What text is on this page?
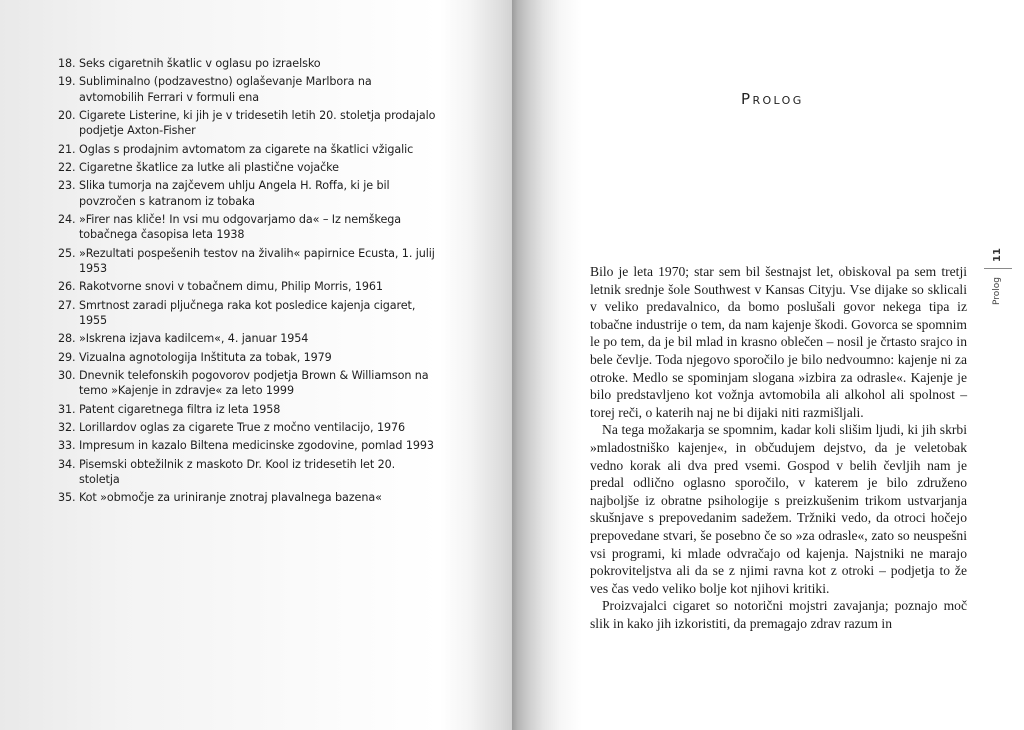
18. Seks cigaretnih škatlic v oglasu po izraelsko
19. Subliminalno (podzavestno) oglaševanje Marlbora na avtomobilih Ferrari v formuli ena
20. Cigarete Listerine, ki jih je v tridesetih letih 20. stoletja prodajalo podjetje Axton-Fisher
21. Oglas s prodajnim avtomatom za cigarete na škatlici vžigalic
22. Cigaretne škatlice za lutke ali plastične vojačke
23. Slika tumorja na zajčevem uhlju Angela H. Roffa, ki je bil povzročen s katranom iz tobaka
24. »Firer nas kliče! In vsi mu odgovarjamo da« – Iz nemškega tobačnega časopisa leta 1938
25. »Rezultati pospešenih testov na živalih« papirnice Ecusta, 1. julij 1953
26. Rakotvorne snovi v tobačnem dimu, Philip Morris, 1961
27. Smrtnost zaradi pljučnega raka kot posledice kajenja cigaret, 1955
28. »Iskrena izjava kadilcem«, 4. januar 1954
29. Vizualna agnotologija Inštituta za tobak, 1979
30. Dnevnik telefonskih pogovorov podjetja Brown & Williamson na temo »Kajenje in zdravje« za leto 1999
31. Patent cigaretnega filtra iz leta 1958
32. Lorillardov oglas za cigarete True z močno ventilacijo, 1976
33. Impresum in kazalo Biltena medicinske zgodovine, pomlad 1993
34. Pisemski obtežilnik z maskoto Dr. Kool iz tridesetih let 20. stoletja
35. Kot »območje za uriniranje znotraj plavalnega bazena«
Prolog

Bilo je leta 1970; star sem bil šestnajst let, obiskoval pa sem tretji letnik srednje šole Southwest v Kansas Cityju. Vse dijake so sklicali v veliko predavalnico, da bomo poslušali govor nekega tipa iz tobačne industrije o tem, da nam kajenje škodi. Govorca se spomnim le po tem, da je bil mlad in krasno oblečen – nosil je črtasto srajco in bele čevlje. Toda njegovo sporočilo je bilo nedvoumno: kajenje ni za otroke. Medlo se spominjam slogana »izbira za odrasle«. Kajenje je bilo predstavljeno kot vožnja avtomobila ali alkohol ali spolnost – torej reči, o katerih naj ne bi dijaki niti razmišljali.

Na tega možakarja se spomnim, kadar koli slišim ljudi, ki jih skrbi »mladostniško kajenje«, in občudujem dejstvo, da je veletobak vedno korak ali dva pred vsemi. Gospod v belih čevljih nam je predal odlično oglasno sporočilo, v katerem je bilo združeno najboljše iz obratne psihologije s preizkušenim trikom ustvarjanja skušnjave s prepovedanim sadežem. Tržniki vedo, da otroci hočejo prepovedane stvari, še posebno če so »za odrasle«, zato so neuspešni vsi programi, ki mlade odvračajo od kajenja. Najstniki ne marajo pokroviteljstva ali da se z njimi ravna kot z otroki – podjetja to že ves čas vedo veliko bolje kot njihovi kritiki.

Proizvajalci cigaret so notorični mojstri zavajanja; poznajo moč slik in kako jih izkoristiti, da premagajo zdrav razum in

11
Prolog
